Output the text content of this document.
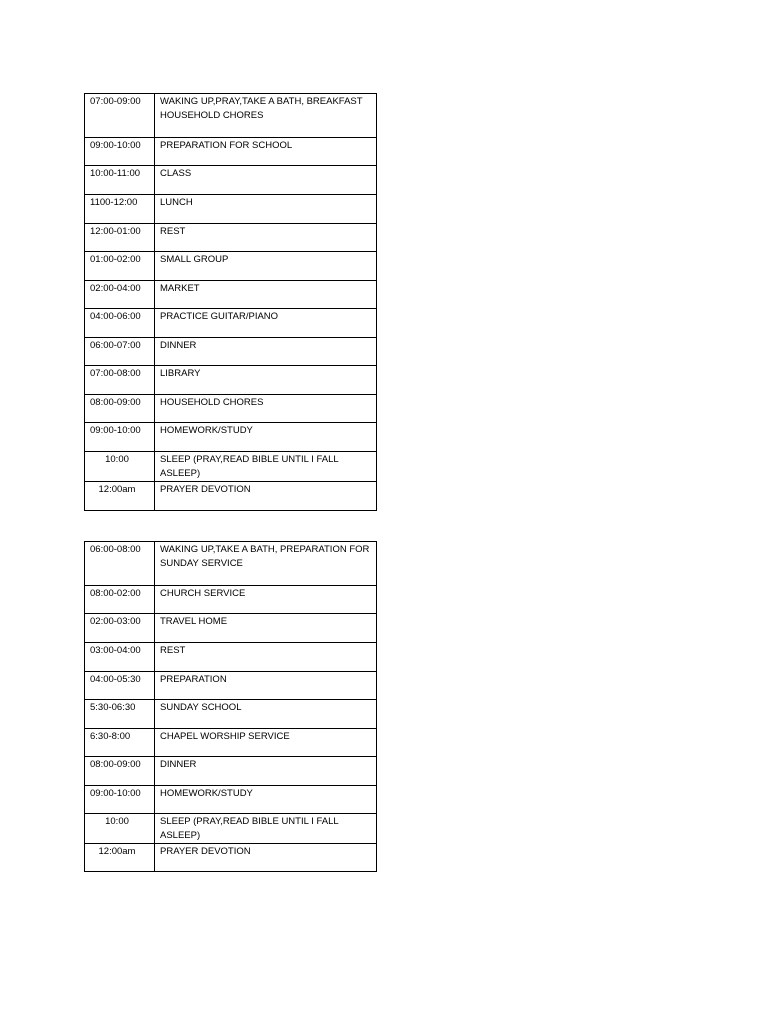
07:00-09:00	WAKING UP,PRAY,TAKE A BATH, BREAKFAST HOUSEHOLD CHORES
09:00-10:00	PREPARATION FOR SCHOOL
10:00-11:00	CLASS
1100-12:00	LUNCH
12:00-01:00	REST
01:00-02:00	SMALL GROUP
02:00-04:00	MARKET
04:00-06:00	PRACTICE GUITAR/PIANO
06:00-07:00	DINNER
07:00-08:00	LIBRARY
08:00-09:00	HOUSEHOLD CHORES
09:00-10:00	HOMEWORK/STUDY
10:00	SLEEP (PRAY,READ BIBLE UNTIL I FALL ASLEEP)
12:00am	PRAYER DEVOTION
06:00-08:00	WAKING UP,TAKE A BATH, PREPARATION FOR SUNDAY SERVICE
08:00-02:00	CHURCH SERVICE
02:00-03:00	TRAVEL HOME
03:00-04:00	REST
04:00-05:30	PREPARATION
5:30-06:30	SUNDAY SCHOOL
6:30-8:00	CHAPEL WORSHIP SERVICE
08:00-09:00	DINNER
09:00-10:00	HOMEWORK/STUDY
10:00	SLEEP (PRAY,READ BIBLE UNTIL I FALL ASLEEP)
12:00am	PRAYER DEVOTION
